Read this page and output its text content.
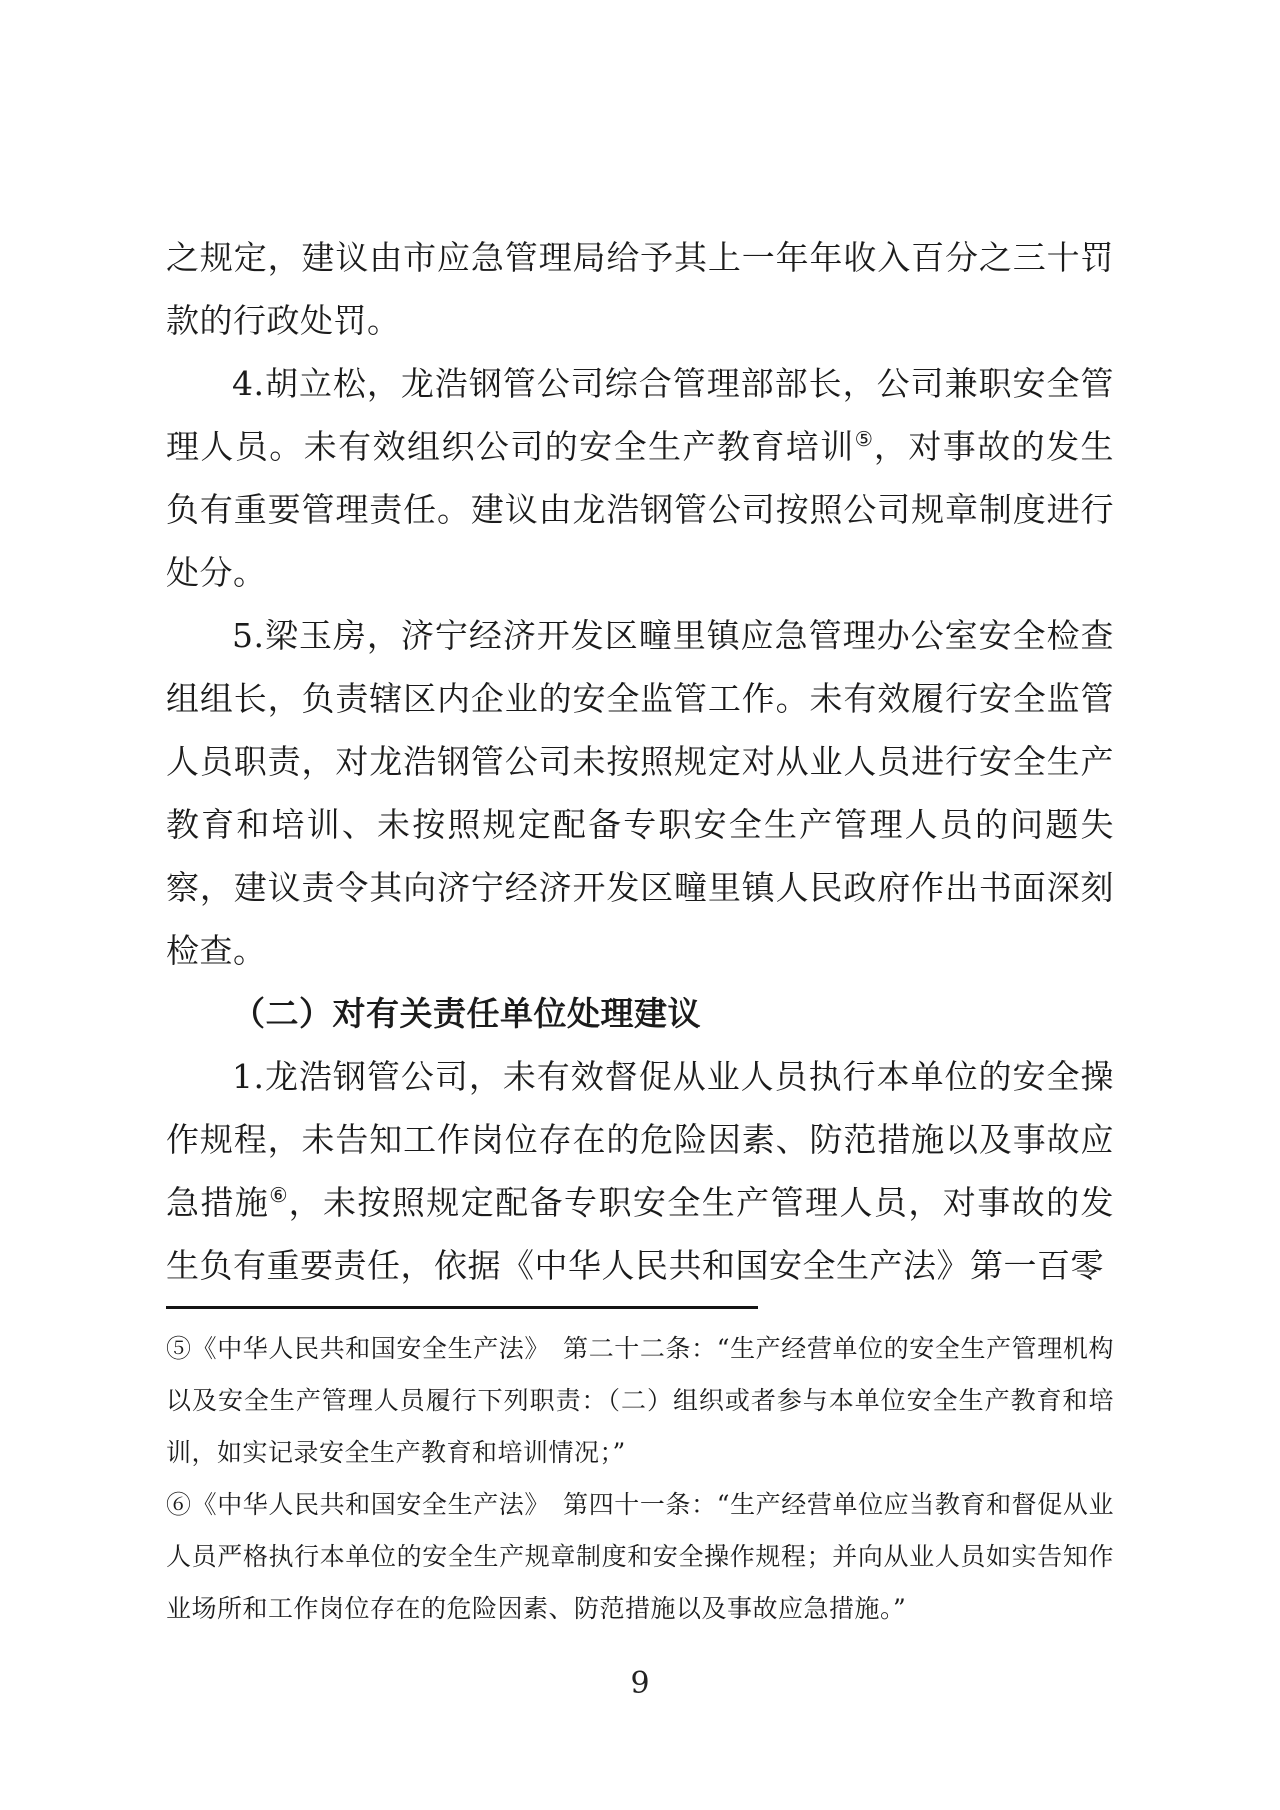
之规定，建议由市应急管理局给予其上一年年收入百分之三十罚款的行政处罚。

4.胡立松，龙浩钢管公司综合管理部部长，公司兼职安全管理人员。未有效组织公司的安全生产教育培训⑤，对事故的发生负有重要管理责任。建议由龙浩钢管公司按照公司规章制度进行处分。

5.梁玉房，济宁经济开发区疃里镇应急管理办公室安全检查组组长，负责辖区内企业的安全监管工作。未有效履行安全监管人员职责，对龙浩钢管公司未按照规定对从业人员进行安全生产教育和培训、未按照规定配备专职安全生产管理人员的问题失察，建议责令其向济宁经济开发区疃里镇人民政府作出书面深刻检查。

（二）对有关责任单位处理建议

1.龙浩钢管公司，未有效督促从业人员执行本单位的安全操作规程，未告知工作岗位存在的危险因素、防范措施以及事故应急措施⑥，未按照规定配备专职安全生产管理人员，对事故的发生负有重要责任，依据《中华人民共和国安全生产法》第一百零

⑤《中华人民共和国安全生产法》　第二十二条：“生产经营单位的安全生产管理机构以及安全生产管理人员履行下列职责：（二）组织或者参与本单位安全生产教育和培训，如实记录安全生产教育和培训情况；”

⑥《中华人民共和国安全生产法》　第四十一条：“生产经营单位应当教育和督促从业人员严格执行本单位的安全生产规章制度和安全操作规程；并向从业人员如实告知作业场所和工作岗位存在的危险因素、防范措施以及事故应急措施。”

9
